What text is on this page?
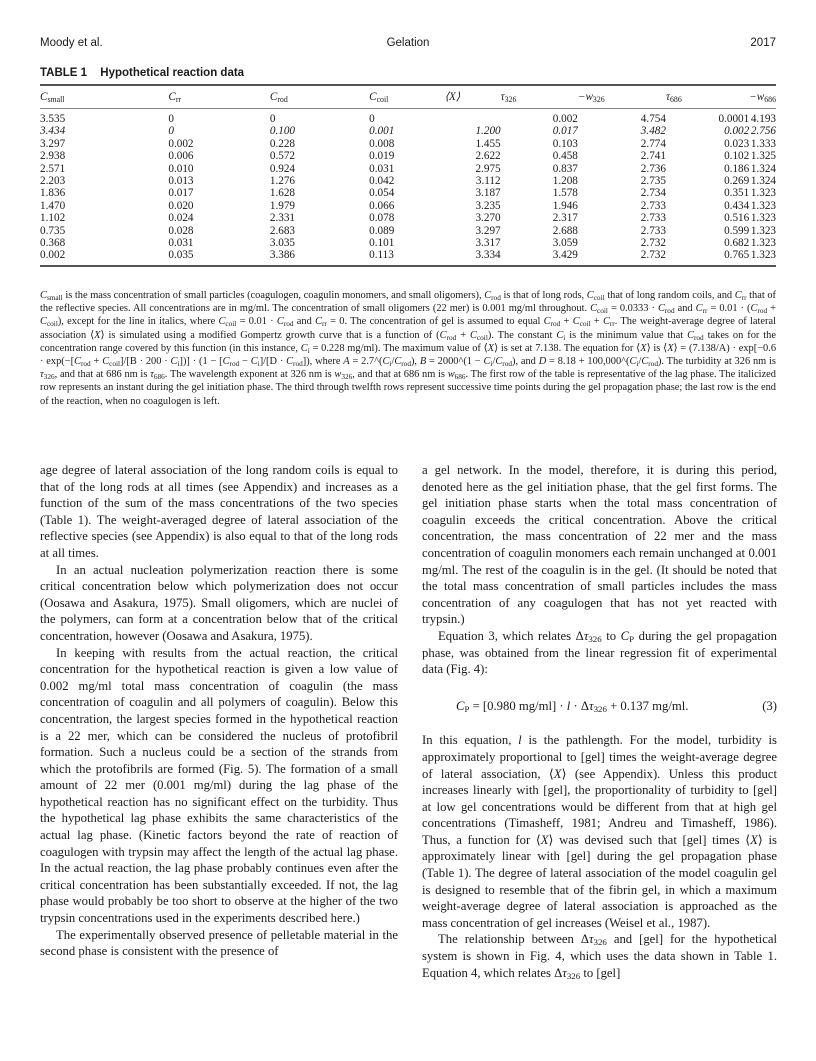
Moody et al.	Gelation	2017
TABLE 1 Hypothetical reaction data
$C_{small}$	$C_{rr}$	$C_{rod}$	$C_{coil}$	⟨X⟩	$\tau_{326}$	$-w_{326}$	$\tau_{686}$	$-w_{686}$
3.535	0	0	0		0.002	4.754	0.0001	4.193
3.434	0	0.100	0.001	1.200	0.017	3.482	0.002	2.756
3.297	0.002	0.228	0.008	1.455	0.103	2.774	0.023	1.333
2.938	0.006	0.572	0.019	2.622	0.458	2.741	0.102	1.325
2.571	0.010	0.924	0.031	2.975	0.837	2.736	0.186	1.324
2.203	0.013	1.276	0.042	3.112	1.208	2.735	0.269	1.324
1.836	0.017	1.628	0.054	3.187	1.578	2.734	0.351	1.323
1.470	0.020	1.979	0.066	3.235	1.946	2.733	0.434	1.323
1.102	0.024	2.331	0.078	3.270	2.317	2.733	0.516	1.323
0.735	0.028	2.683	0.089	3.297	2.688	2.733	0.599	1.323
0.368	0.031	3.035	0.101	3.317	3.059	2.732	0.682	1.323
0.002	0.035	3.386	0.113	3.334	3.429	2.732	0.765	1.323
$C_{small}$ is the mass concentration of small particles (coagulogen, coagulin monomers, and small oligomers), $C_{rod}$ is that of long rods, $C_{coil}$ that of long random coils, and $C_{rr}$ that of the reflective species. All concentrations are in mg/ml. The concentration of small oligomers (22 mer) is 0.001 mg/ml throughout. $C_{coil} = 0.0333 \cdot C_{rod}$ and $C_{rr} = 0.01 \cdot (C_{rod} + C_{coil})$, except for the line in italics, where $C_{coil} = 0.01 \cdot C_{rod}$ and $C_{rr} = 0$. The concentration of gel is assumed to equal $C_{rod} + C_{coil} + C_{rr}$. The weight-average degree of lateral association ⟨X⟩ is simulated using a modified Gompertz growth curve that is a function of $(C_{rod} + C_{coil})$. The constant $C_i$ is the minimum value that $C_{rod}$ takes on for the concentration range covered by this function (in this instance, $C_i = 0.228$ mg/ml). The maximum value of ⟨X⟩ is set at 7.138. The equation for ⟨X⟩ is ⟨X⟩ = $(7.138/A) \cdot \exp[-0.6 \cdot \exp(-[C_{rod} + C_{coil}]/[B \cdot 200 \cdot C_i])] \cdot (1 - [C_{rod} - C_i]/[D \cdot C_{rod}])$, where $A = 2.7\^{}(C_i/C_{rod})$, B = 2000^(1 − $C_i/C_{rod}$), and $D = 8.18 + 100,000\^{}(C_i/C_{rod})$. The turbidity at 326 nm is $\tau_{326}$, and that at 686 nm is $\tau_{686}$. The wavelength exponent at 326 nm is $w_{326}$, and that at 686 nm is $w_{686}$. The first row of the table is representative of the lag phase. The italicized row represents an instant during the gel initiation phase. The third through twelfth rows represent successive time points during the gel propagation phase; the last row is the end of the reaction, when no coagulogen is left.

age degree of lateral association of the long random coils is equal to that of the long rods at all times (see Appendix) and increases as a function of the sum of the mass concentrations of the two species (Table 1). The weight-averaged degree of lateral association of the reflective species (see Appendix) is also equal to that of the long rods at all times.

In an actual nucleation polymerization reaction there is some critical concentration below which polymerization does not occur (Oosawa and Asakura, 1975). Small oligomers, which are nuclei of the polymers, can form at a concentration below that of the critical concentration, however (Oosawa and Asakura, 1975).

In keeping with results from the actual reaction, the critical concentration for the hypothetical reaction is given a low value of 0.002 mg/ml total mass concentration of coagulin (the mass concentration of coagulin and all polymers of coagulin). Below this concentration, the largest species formed in the hypothetical reaction is a 22 mer, which can be considered the nucleus of protofibril formation. Such a nucleus could be a section of the strands from which the protofibrils are formed (Fig. 5). The formation of a small amount of 22 mer (0.001 mg/ml) during the lag phase of the hypothetical reaction has no significant effect on the turbidity. Thus the hypothetical lag phase exhibits the same characteristics of the actual lag phase. (Kinetic factors beyond the rate of reaction of coagulogen with trypsin may affect the length of the actual lag phase. In the actual reaction, the lag phase probably continues even after the critical concentration has been substantially exceeded. If not, the lag phase would probably be too short to observe at the higher of the two trypsin concentrations used in the experiments described here.)

The experimentally observed presence of pelletable material in the second phase is consistent with the presence of

a gel network. In the model, therefore, it is during this period, denoted here as the gel initiation phase, that the gel first forms. The gel initiation phase starts when the total mass concentration of coagulin exceeds the critical concentration. Above the critical concentration, the mass concentration of 22 mer and the mass concentration of coagulin monomers each remain unchanged at 0.001 mg/ml. The rest of the coagulin is in the gel. (It should be noted that the total mass concentration of small particles includes the mass concentration of any coagulogen that has not yet reacted with trypsin.)

Equation 3, which relates $\Delta\tau_{326}$ to $C_P$ during the gel propagation phase, was obtained from the linear regression fit of experimental data (Fig. 4):

$C_P = [0.980$ $mg/ml] \cdot l \cdot \Delta\tau_{326} + 0.137$ mg/ml.	(3)

In this equation, l is the pathlength. For the model, turbidity is approximately proportional to [gel] times the weight-average degree of lateral association, ⟨X⟩ (see Appendix). Unless this product increases linearly with [gel], the proportionality of turbidity to [gel] at low gel concentrations would be different from that at high gel concentrations (Timasheff, 1981; Andreu and Timasheff, 1986). Thus, a function for ⟨X⟩ was devised such that [gel] times ⟨X⟩ is approximately linear with [gel] during the gel propagation phase (Table 1). The degree of lateral association of the model coagulin gel is designed to resemble that of the fibrin gel, in which a maximum weight-average degree of lateral association is approached as the mass concentration of gel increases (Weisel et al., 1987).

The relationship between $\Delta\tau_{326}$ and [gel] for the hypothetical system is shown in Fig. 4, which uses the data shown in Table 1. Equation 4, which relates $\Delta\tau_{326}$ to [gel]
